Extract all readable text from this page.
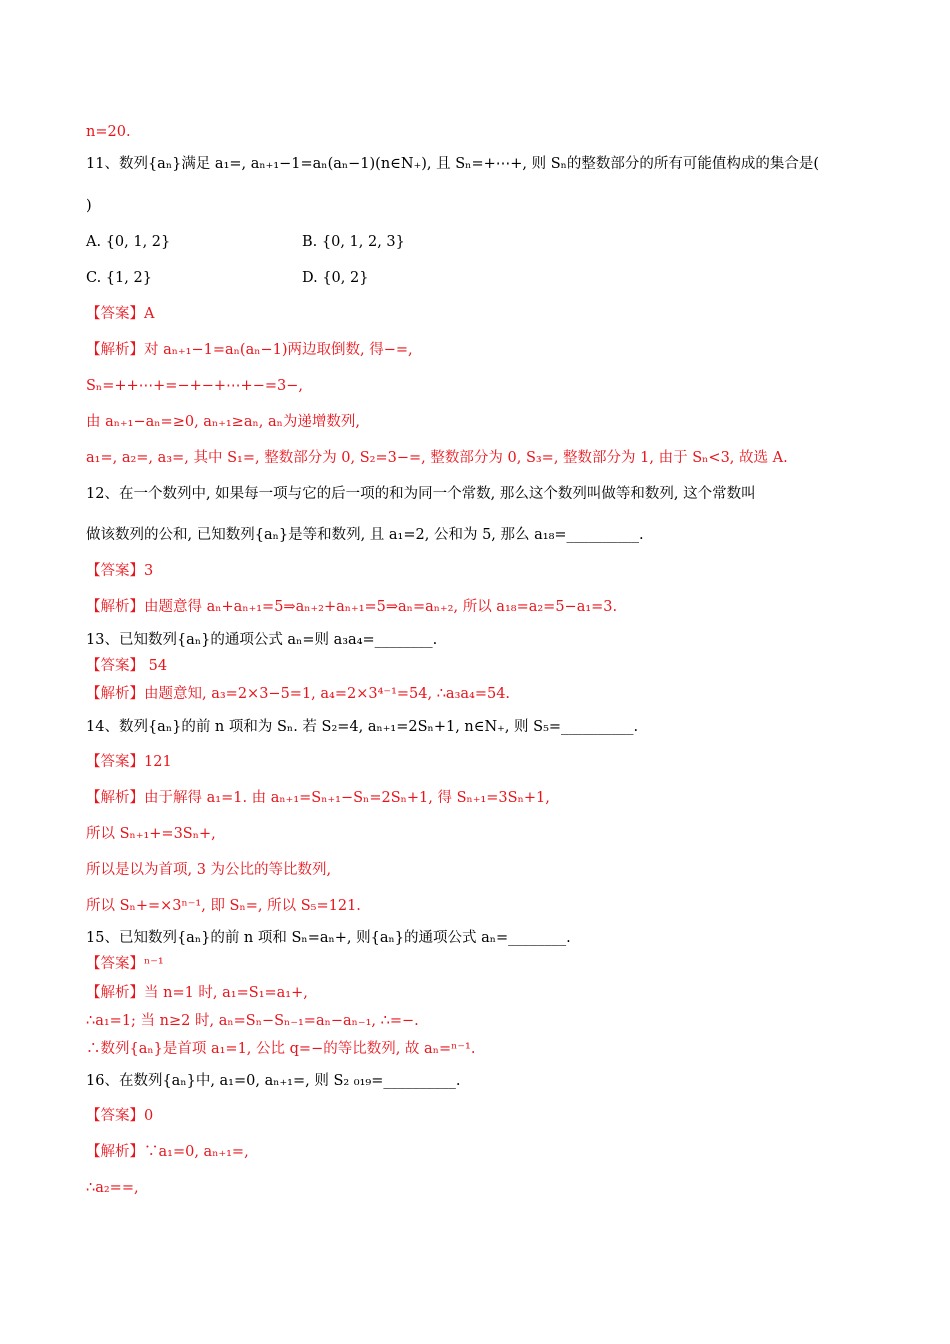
n=20.
11、数列{aₙ}满足 a₁=, aₙ₊₁−1=aₙ(aₙ−1)(n∈N₊), 且 Sₙ=+⋯+, 则 Sₙ的整数部分的所有可能值构成的集合是(
)
A. {0, 1, 2}	B. {0, 1, 2, 3}
C. {1, 2}	D. {0, 2}
【答案】A
【解析】对 aₙ₊₁−1=aₙ(aₙ−1)两边取倒数, 得−=,
Sₙ=++⋯+=−+−+⋯+−=3−,
由 aₙ₊₁−aₙ=≥0, aₙ₊₁≥aₙ, aₙ为递增数列,
a₁=, a₂=, a₃=, 其中 S₁=, 整数部分为 0, S₂=3−=, 整数部分为 0, S₃=, 整数部分为 1, 由于 Sₙ<3, 故选 A.
12、在一个数列中, 如果每一项与它的后一项的和为同一个常数, 那么这个数列叫做等和数列, 这个常数叫
做该数列的公和, 已知数列{aₙ}是等和数列, 且 a₁=2, 公和为 5, 那么 a₁₈=__________.
【答案】3
【解析】由题意得 aₙ+aₙ₊₁=5⇒aₙ₊₂+aₙ₊₁=5⇒aₙ=aₙ₊₂, 所以 a₁₈=a₂=5−a₁=3.
13、已知数列{aₙ}的通项公式 aₙ=则 a₃a₄=________.
【答案】 54
【解析】由题意知, a₃=2×3−5=1, a₄=2×3⁴⁻¹=54, ∴a₃a₄=54.
14、数列{aₙ}的前 n 项和为 Sₙ. 若 S₂=4, aₙ₊₁=2Sₙ+1, n∈N₊, 则 S₅=__________.
【答案】121
【解析】由于解得 a₁=1. 由 aₙ₊₁=Sₙ₊₁−Sₙ=2Sₙ+1, 得 Sₙ₊₁=3Sₙ+1,
所以 Sₙ₊₁+=3Sₙ+,
所以是以为首项, 3 为公比的等比数列,
所以 Sₙ+=×3ⁿ⁻¹, 即 Sₙ=, 所以 S₅=121.
15、已知数列{aₙ}的前 n 项和 Sₙ=aₙ+, 则{aₙ}的通项公式 aₙ=________.
【答案】ⁿ⁻¹
【解析】当 n=1 时, a₁=S₁=a₁+,
∴a₁=1; 当 n≥2 时, aₙ=Sₙ−Sₙ₋₁=aₙ−aₙ₋₁, ∴=−.
∴数列{aₙ}是首项 a₁=1, 公比 q=−的等比数列, 故 aₙ=ⁿ⁻¹.
16、在数列{aₙ}中, a₁=0, aₙ₊₁=, 则 S₂ ₀₁₉=__________.
【答案】0
【解析】∵a₁=0, aₙ₊₁=,
∴a₂==,
